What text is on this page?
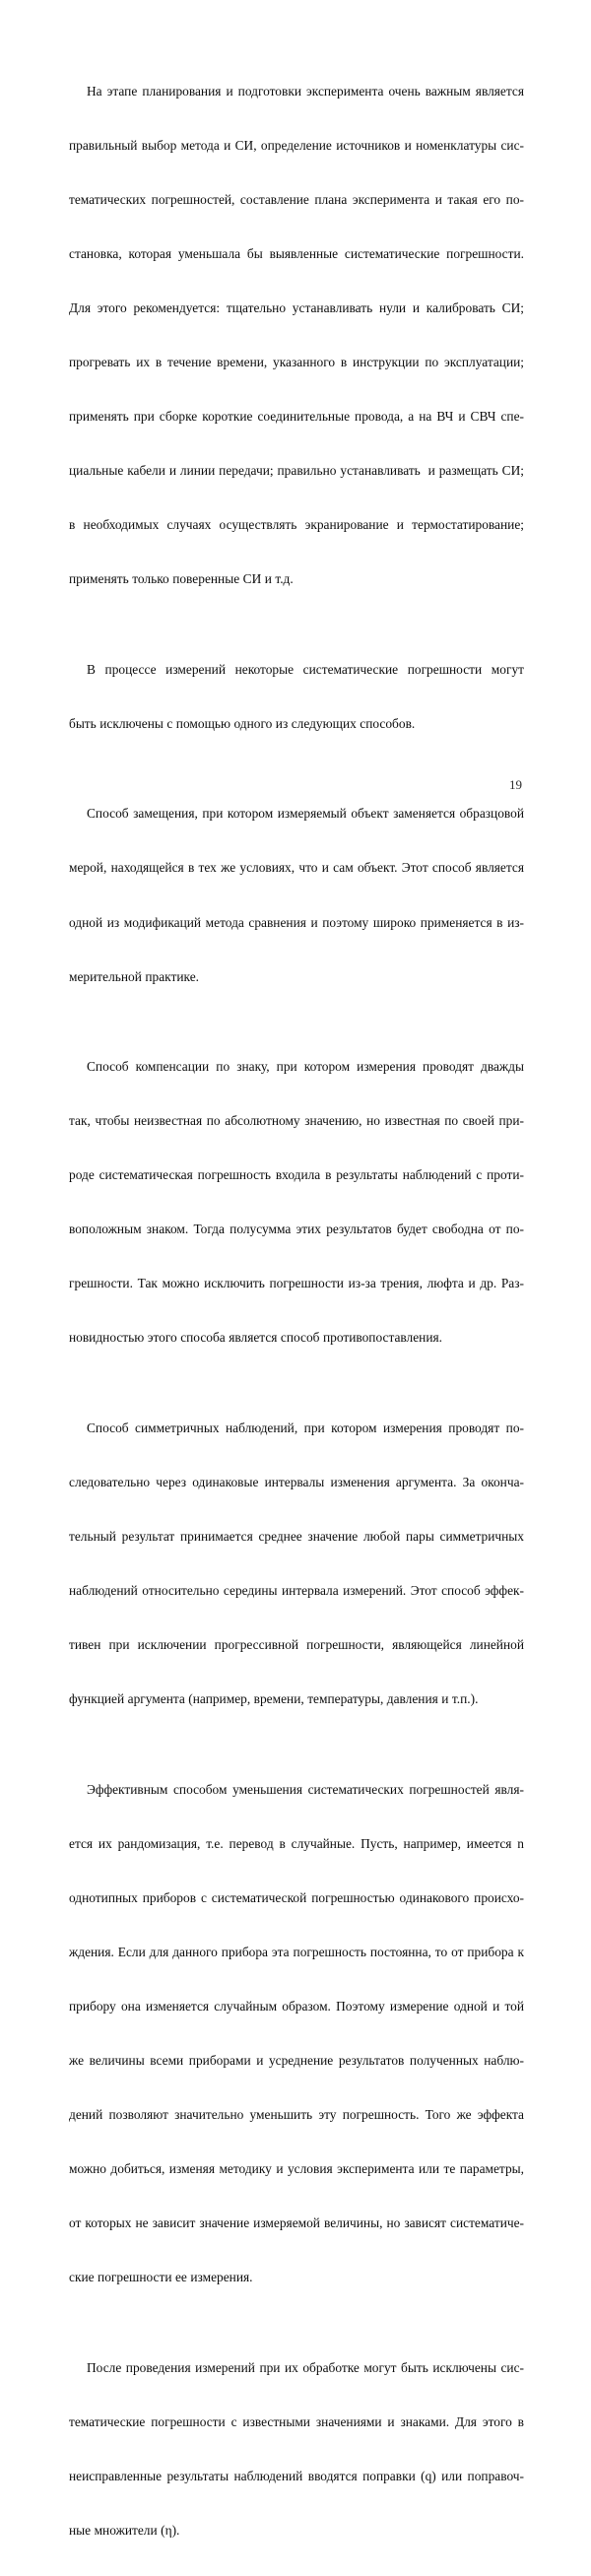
На этапе планирования и подготовки эксперимента очень важным является

правильный выбор метода и СИ, определение источников и номенклатуры сис-

тематических погрешностей, составление плана эксперимента и такая его по-

становка, которая уменьшала бы выявленные систематические погрешности.

Для этого рекомендуется: тщательно устанавливать нули и калибровать СИ;

прогревать их в течение времени, указанного в инструкции по эксплуатации;

применять при сборке короткие соединительные провода, а на ВЧ и СВЧ спе-

циальные кабели и линии передачи; правильно устанавливать  и размещать СИ;

в необходимых случаях осуществлять экранирование и термостатирование;

применять только поверенные СИ и т.д.

В процессе измерений некоторые систематические погрешности могут

быть исключены с помощью одного из следующих способов.

Способ замещения, при котором измеряемый объект заменяется образцовой

мерой, находящейся в тех же условиях, что и сам объект. Этот способ является

одной из модификаций метода сравнения и поэтому широко применяется в из-

мерительной практике.

Способ компенсации по знаку, при котором измерения проводят дважды

так, чтобы неизвестная по абсолютному значению, но известная по своей при-

роде систематическая погрешность входила в результаты наблюдений с проти-

воположным знаком. Тогда полусумма этих результатов будет свободна от по-

грешности. Так можно исключить погрешности из-за трения, люфта и др. Раз-

новидностью этого способа является способ противопоставления.

Способ симметричных наблюдений, при котором измерения проводят по-

следовательно через одинаковые интервалы изменения аргумента. За оконча-

тельный результат принимается среднее значение любой пары симметричных

наблюдений относительно середины интервала измерений. Этот способ эффек-

тивен при исключении прогрессивной погрешности, являющейся линейной

функцией аргумента (например, времени, температуры, давления и т.п.).

Эффективным способом уменьшения систематических погрешностей явля-

ется их рандомизация, т.е. перевод в случайные. Пусть, например, имеется n

однотипных приборов с систематической погрешностью одинакового происхо-

ждения. Если для данного прибора эта погрешность постоянна, то от прибора к

прибору она изменяется случайным образом. Поэтому измерение одной и той

же величины всеми приборами и усреднение результатов полученных наблю-

дений позволяют значительно уменьшить эту погрешность. Того же эффекта

можно добиться, изменяя методику и условия эксперимента или те параметры,

от которых не зависит значение измеряемой величины, но зависят систематиче-

ские погрешности ее измерения.

После проведения измерений при их обработке могут быть исключены сис-

тематические погрешности с известными значениями и знаками. Для этого в

неисправленные результаты наблюдений вводятся поправки (q) или поправоч-

ные множители (η).

19
